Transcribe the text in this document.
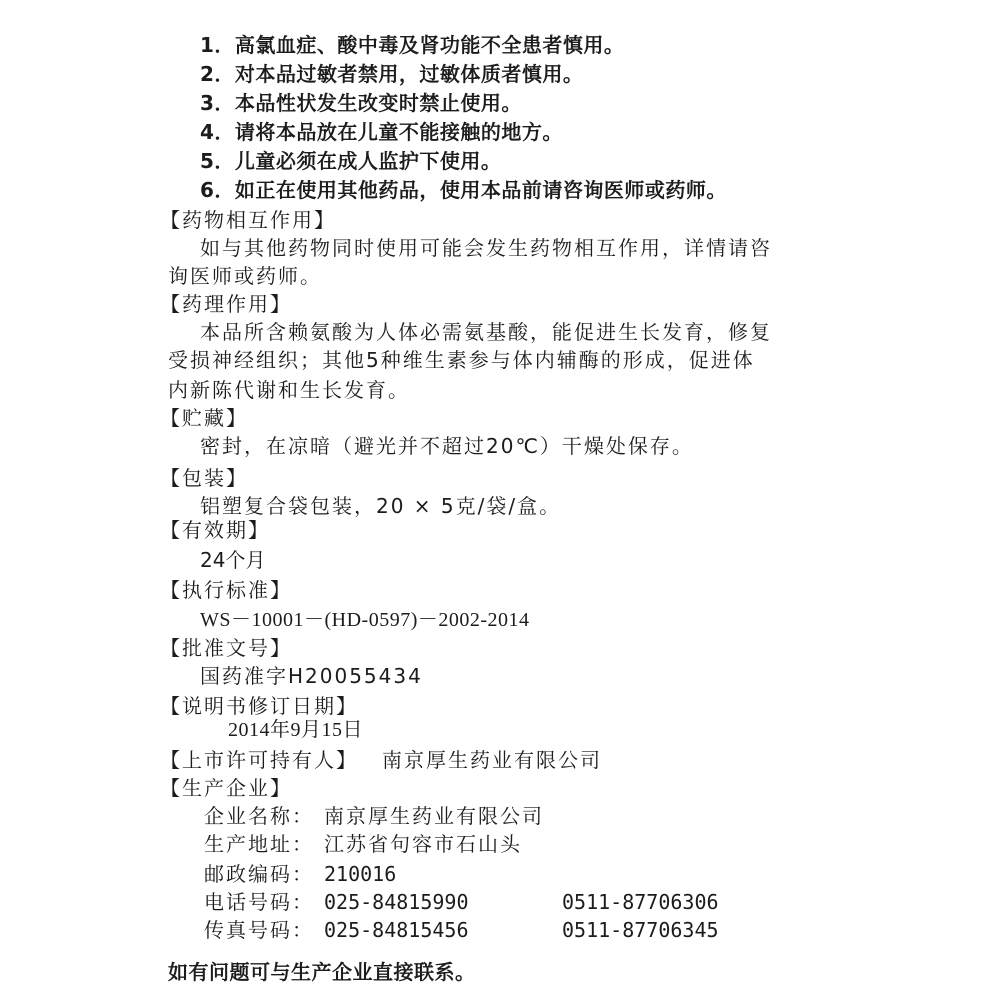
1．高氯血症、酸中毒及肾功能不全患者慎用。
2．对本品过敏者禁用，过敏体质者慎用。
3．本品性状发生改变时禁止使用。
4．请将本品放在儿童不能接触的地方。
5．儿童必须在成人监护下使用。
6．如正在使用其他药品，使用本品前请咨询医师或药师。
【药物相互作用】
如与其他药物同时使用可能会发生药物相互作用，详情请咨
询医师或药师。
【药理作用】
本品所含赖氨酸为人体必需氨基酸，能促进生长发育，修复
受损神经组织；其他5种维生素参与体内辅酶的形成，促进体
内新陈代谢和生长发育。
【贮藏】
密封，在凉暗（避光并不超过20℃）干燥处保存。
【包装】
铝塑复合袋包装，20 × 5克/袋/盒。
【有效期】
24个月
【执行标准】
WS－10001－(HD-0597)－2002-2014
【批准文号】
国药准字H20055434
【说明书修订日期】
2014年9月15日
【上市许可持有人】 南京厚生药业有限公司
【生产企业】
企业名称： 南京厚生药业有限公司
生产地址： 江苏省句容市石山头
邮政编码： 210016
电话号码： 025-84815990	0511-87706306
传真号码： 025-84815456	0511-87706345
如有问题可与生产企业直接联系。
